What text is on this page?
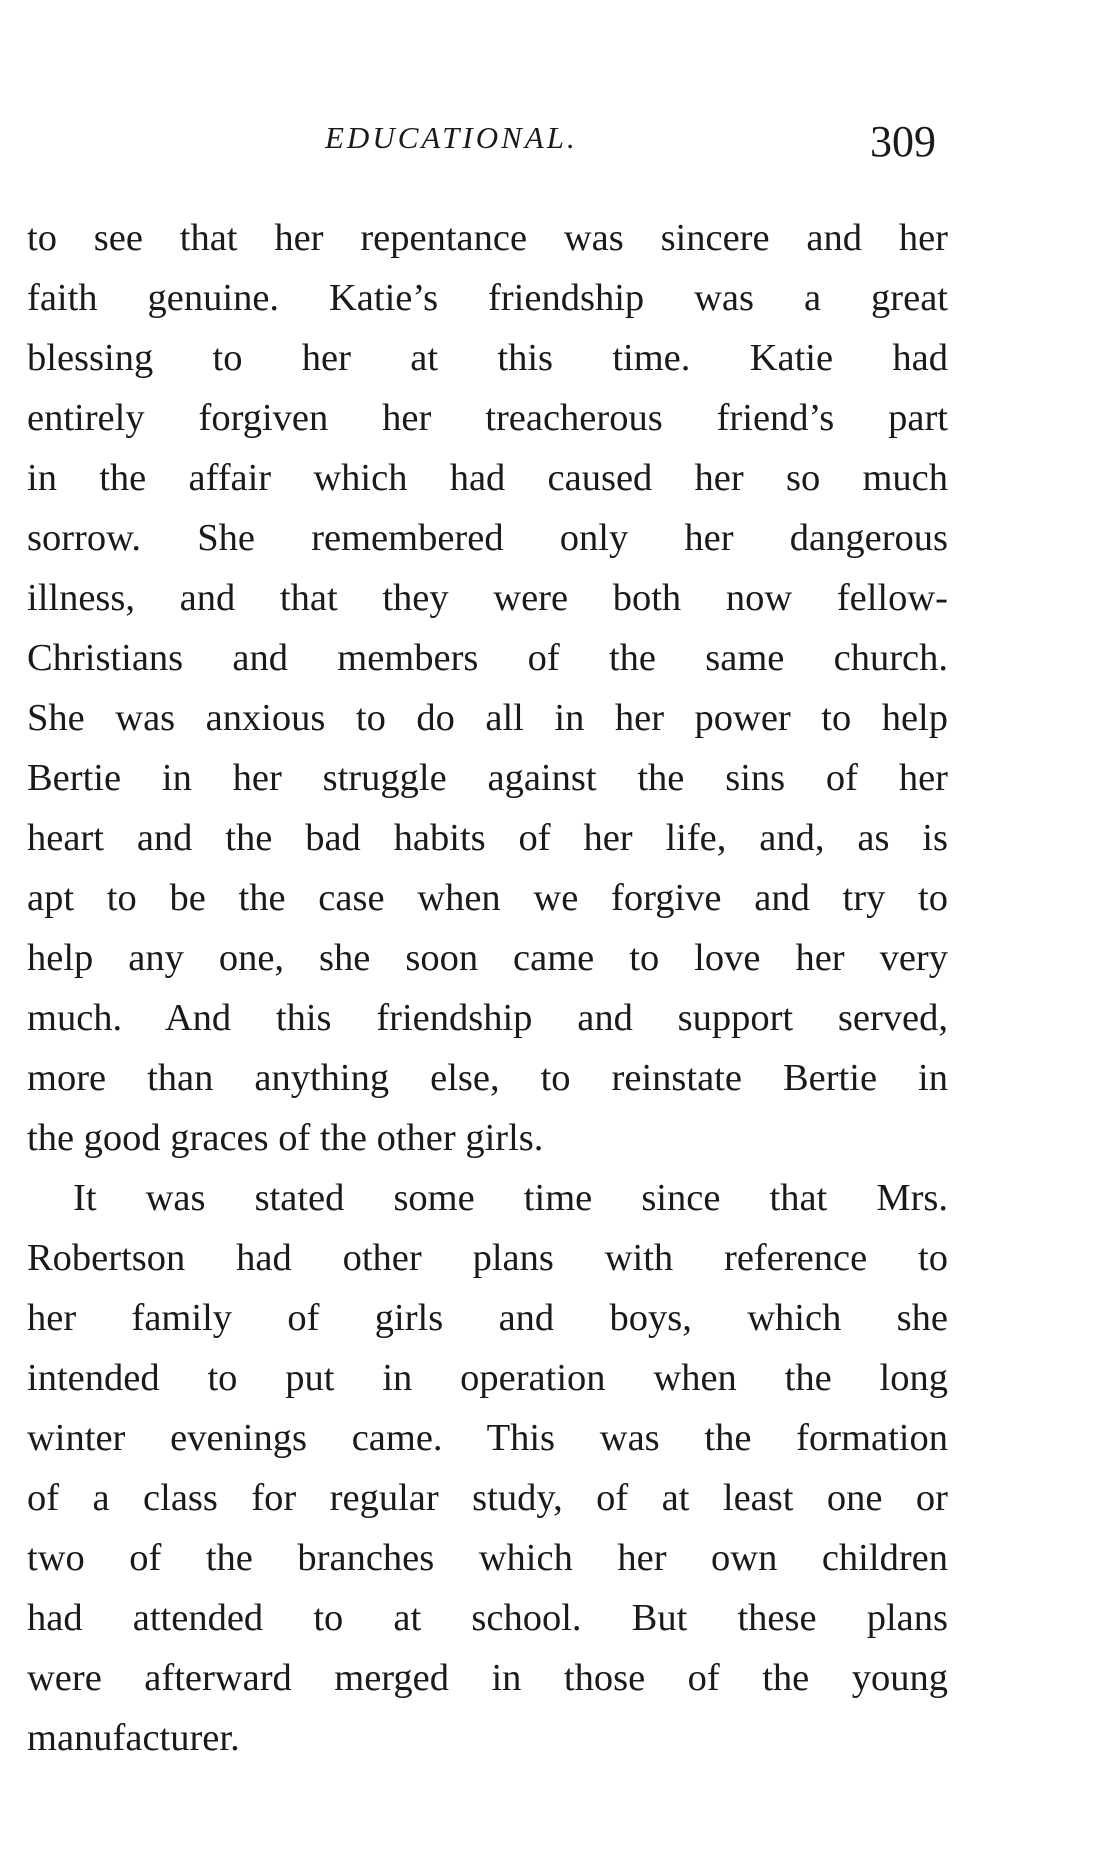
EDUCATIONAL.	309
to see that her repentance was sincere and her
faith genuine. Katie’s friendship was a great
blessing to her at this time. Katie had
entirely forgiven her treacherous friend’s part
in the affair which had caused her so much
sorrow. She remembered only her dangerous
illness, and that they were both now fellow-
Christians and members of the same church.
She was anxious to do all in her power to help
Bertie in her struggle against the sins of her
heart and the bad habits of her life, and, as is
apt to be the case when we forgive and try to
help any one, she soon came to love her very
much. And this friendship and support served,
more than anything else, to reinstate Bertie in
the good graces of the other girls.
It was stated some time since that Mrs.
Robertson had other plans with reference to
her family of girls and boys, which she
intended to put in operation when the long
winter evenings came. This was the formation
of a class for regular study, of at least one or
two of the branches which her own children
had attended to at school. But these plans
were afterward merged in those of the young
manufacturer.
